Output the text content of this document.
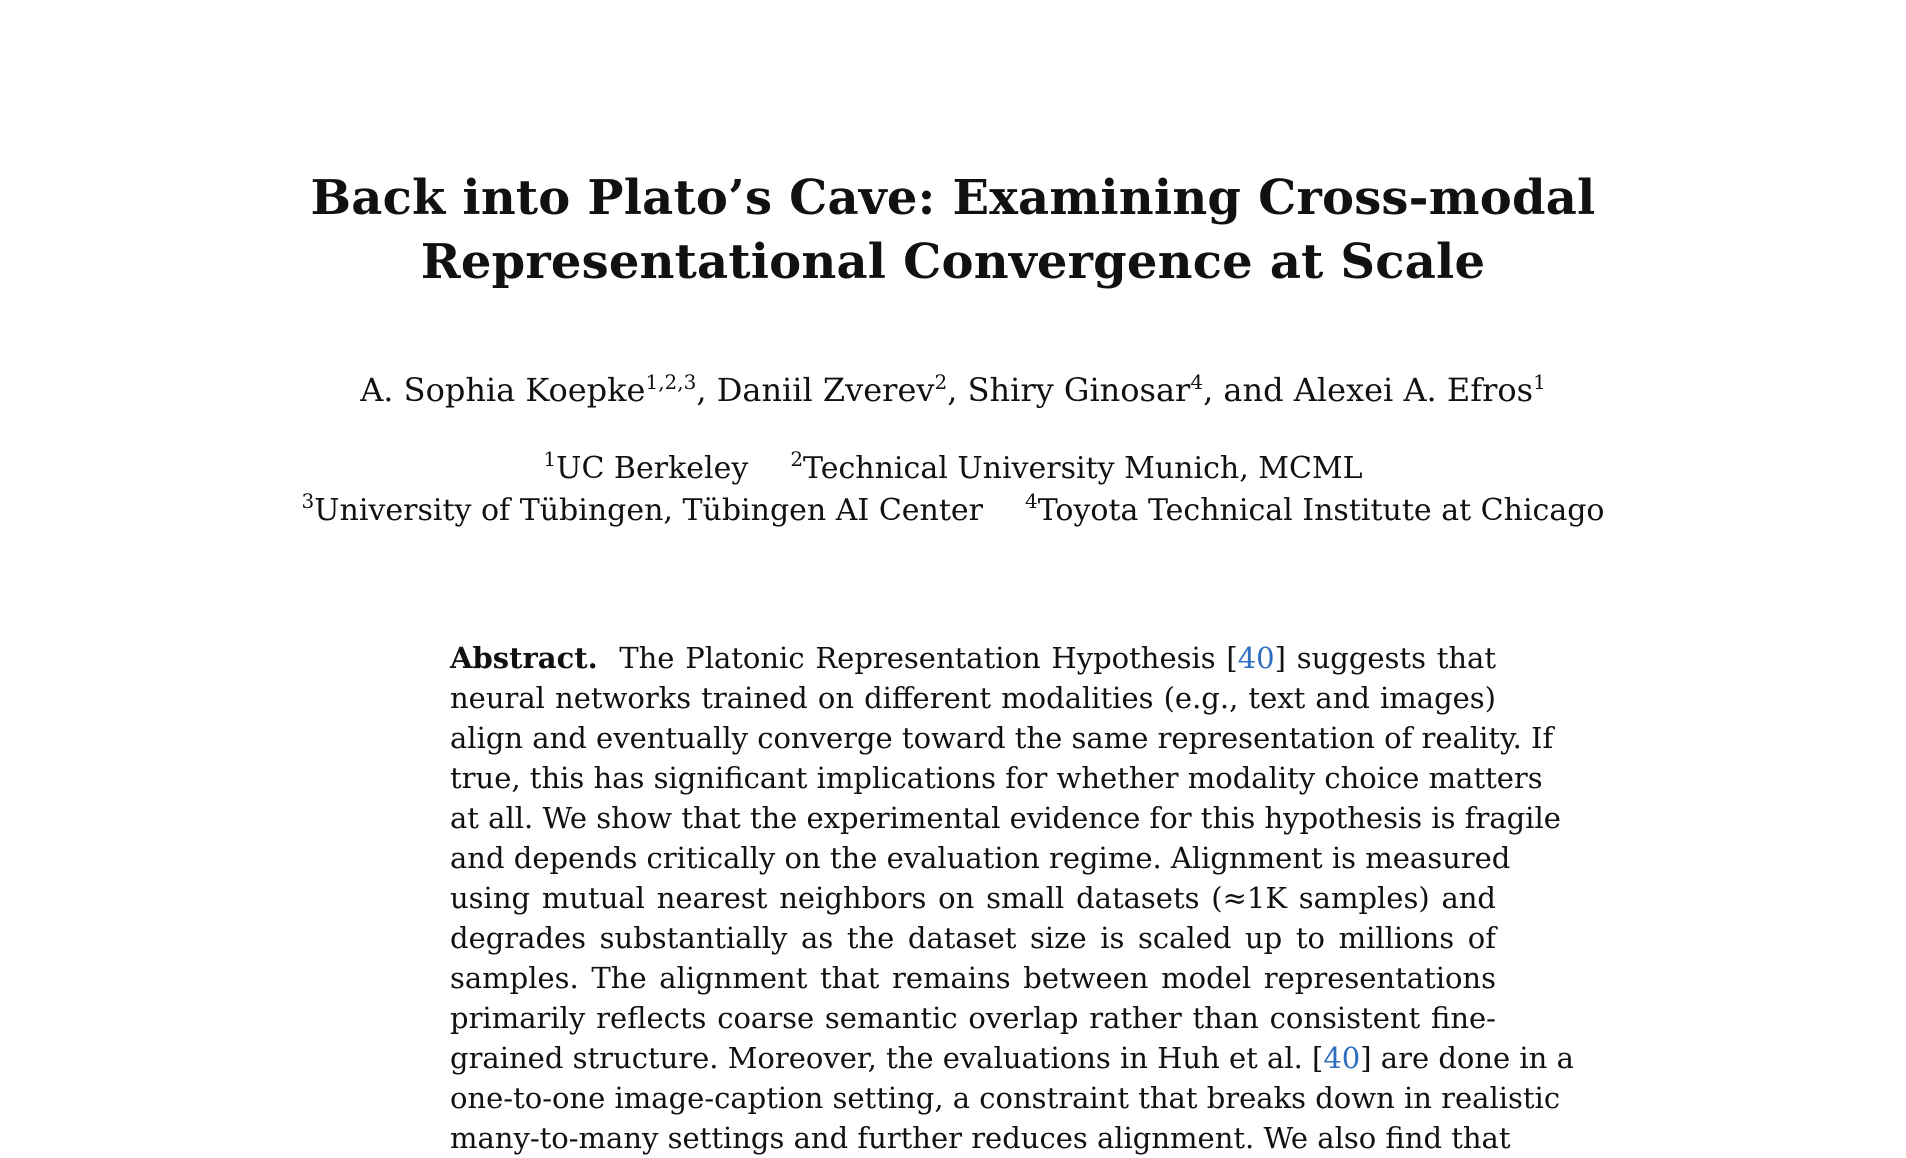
Back into Plato’s Cave: Examining Cross-modal
Representational Convergence at Scale
A. Sophia Koepke$^{1,2,3}$, Daniil Zverev$^2$, Shiry Ginosar$^4$, and Alexei A. Efros$^1$
$^1$UC Berkeley $^2$Technical University Munich, MCML
$^3$University of Tübingen, Tübingen AI Center $^4$Toyota Technical Institute at Chicago
Abstract. The Platonic Representation Hypothesis [40] suggests that
neural networks trained on different modalities (e.g., text and images)
align and eventually converge toward the same representation of reality. If
true, this has significant implications for whether modality choice matters
at all. We show that the experimental evidence for this hypothesis is fragile
and depends critically on the evaluation regime. Alignment is measured
using mutual nearest neighbors on small datasets (≈1K samples) and
degrades substantially as the dataset size is scaled up to millions of
samples. The alignment that remains between model representations
primarily reflects coarse semantic overlap rather than consistent fine-
grained structure. Moreover, the evaluations in Huh et al. [40] are done in a
one-to-one image-caption setting, a constraint that breaks down in realistic
many-to-many settings and further reduces alignment. We also find that
